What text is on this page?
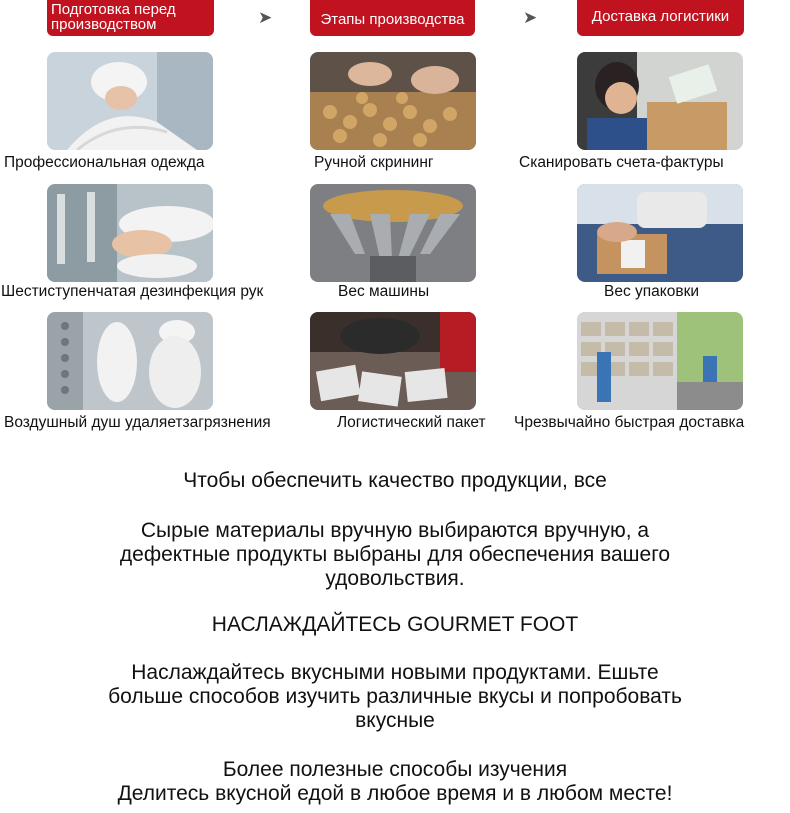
Подготовка перед
производством	➤	Этапы производства	➤	Доставка логистики
Профессиональная одежда	Ручной скрининг	Сканировать счета-фактуры
Шестиступенчатая дезинфекция рук	Вес машины	Вес упаковки
Воздушный душ удаляетзагрязнения	Логистический пакет Чрезвычайно быстрая доставка

Чтобы обеспечить качество продукции, все

Сырые материалы вручную выбираются вручную, а

дефектные продукты выбраны для обеспечения вашего

удовольствия.

НАСЛАЖДАЙТЕСЬ GOURMET FOOT

Наслаждайтесь вкусными новыми продуктами. Ешьте

больше способов изучить различные вкусы и попробовать

вкусные

Более полезные способы изучения

Делитесь вкусной едой в любое время и в любом месте!
